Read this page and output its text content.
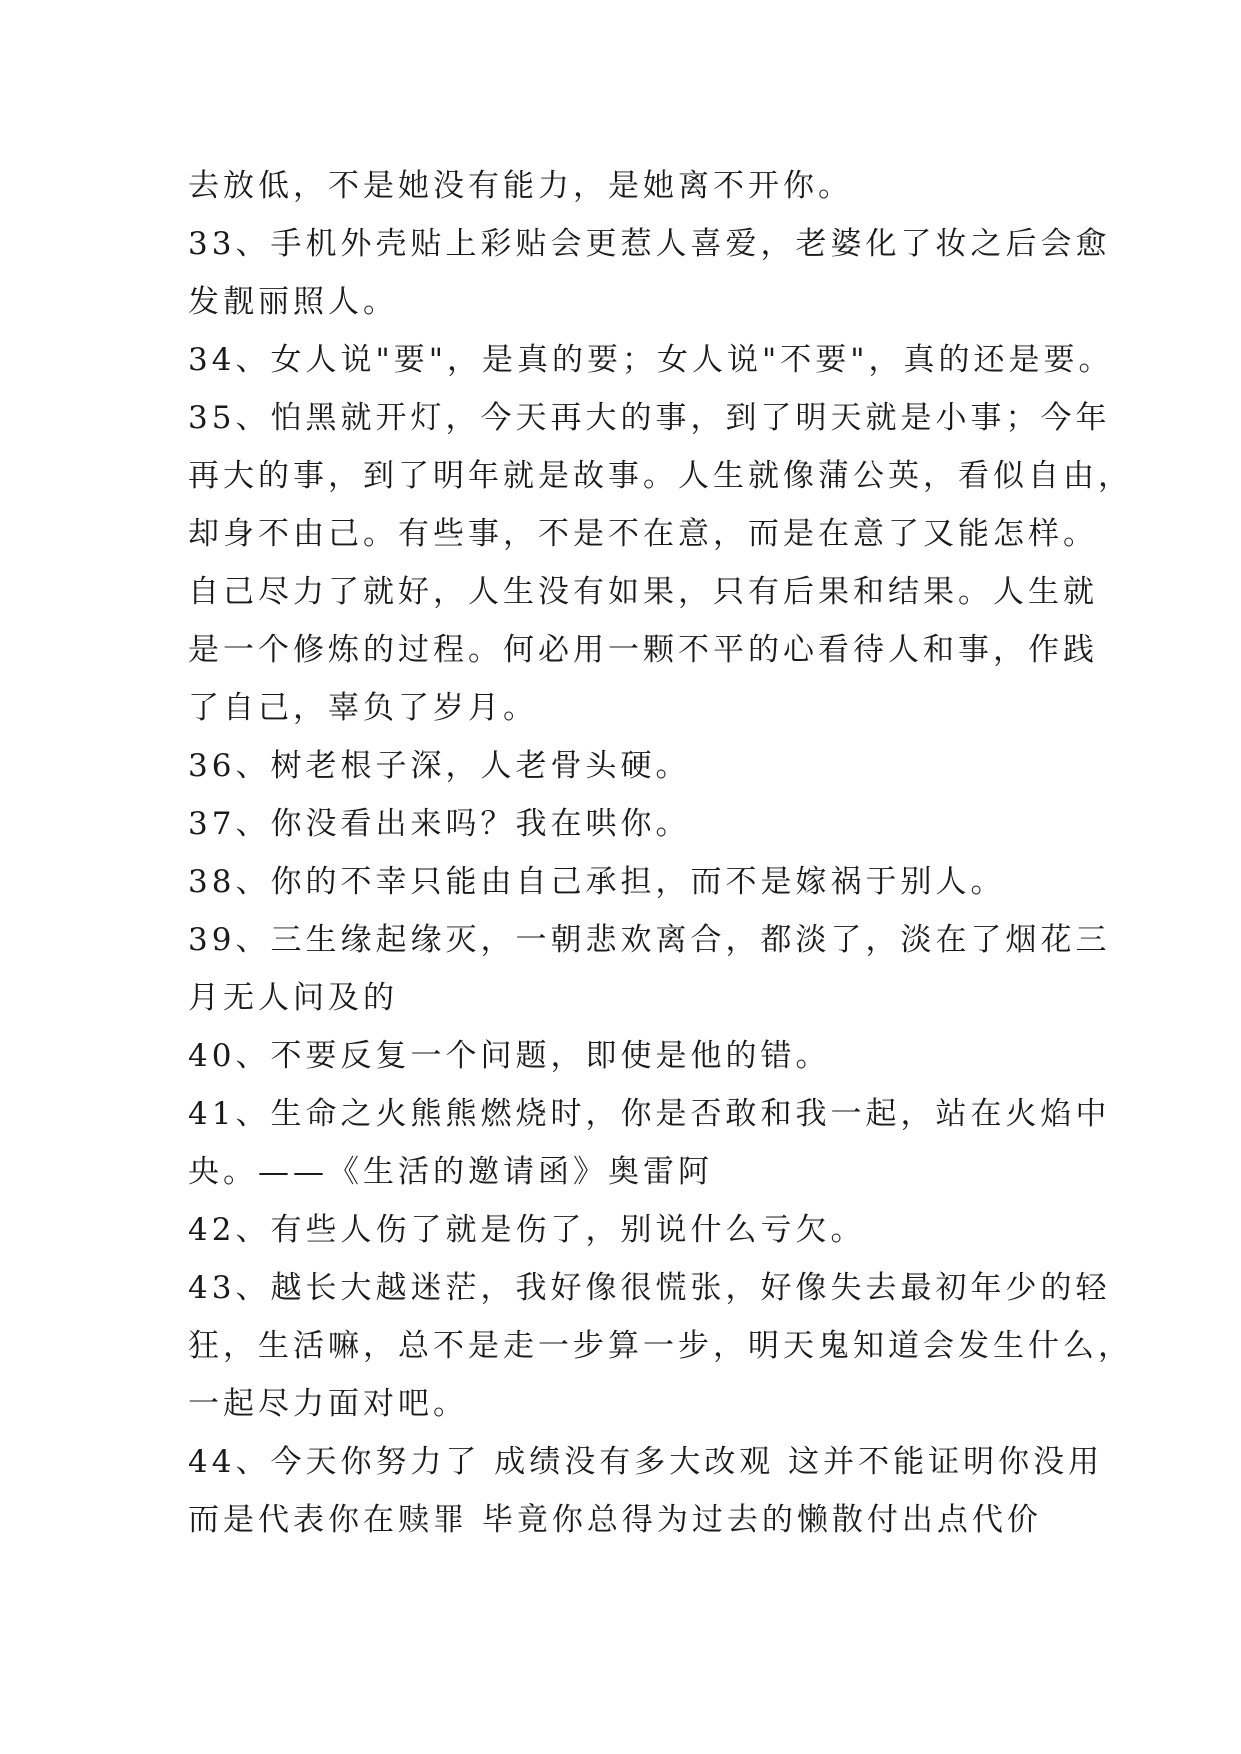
去放低，不是她没有能力，是她离不开你。
33、手机外壳贴上彩贴会更惹人喜爱，老婆化了妆之后会愈
发靓丽照人。
34、女人说"要"，是真的要；女人说"不要"，真的还是要。
35、怕黑就开灯，今天再大的事，到了明天就是小事；今年
再大的事，到了明年就是故事。人生就像蒲公英，看似自由，
却身不由己。有些事，不是不在意，而是在意了又能怎样。
自己尽力了就好，人生没有如果，只有后果和结果。人生就
是一个修炼的过程。何必用一颗不平的心看待人和事，作践
了自己，辜负了岁月。
36、树老根子深，人老骨头硬。
37、你没看出来吗？我在哄你。
38、你的不幸只能由自己承担，而不是嫁祸于别人。
39、三生缘起缘灭，一朝悲欢离合，都淡了，淡在了烟花三
月无人问及的
40、不要反复一个问题，即使是他的错。
41、生命之火熊熊燃烧时，你是否敢和我一起，站在火焰中
央。——《生活的邀请函》奥雷阿
42、有些人伤了就是伤了，别说什么亏欠。
43、越长大越迷茫，我好像很慌张，好像失去最初年少的轻
狂，生活嘛，总不是走一步算一步，明天鬼知道会发生什么，
一起尽力面对吧。
44、今天你努力了 成绩没有多大改观 这并不能证明你没用
而是代表你在赎罪 毕竟你总得为过去的懒散付出点代价
